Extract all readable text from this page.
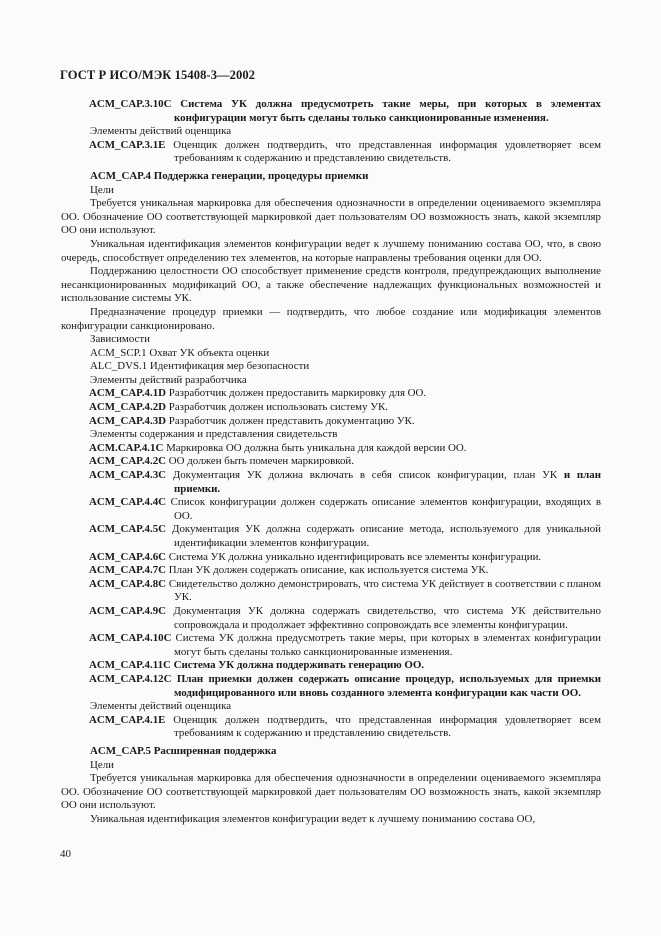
ГОСТ Р ИСО/МЭК 15408-3—2002

ACM_CAP.3.10С Система УК должна предусмотреть такие меры, при которых в элементах конфигурации могут быть сделаны только санкционированные изменения.

Элементы действий оценщика

ACM_CAP.3.1E Оценщик должен подтвердить, что представленная информация удовлетворяет всем требованиям к содержанию и представлению свидетельств.

ACM_CAP.4 Поддержка генерации, процедуры приемки

Цели

Требуется уникальная маркировка для обеспечения однозначности в определении оцениваемого экземпляра ОО. Обозначение ОО соответствующей маркировкой дает пользователям ОО возможность знать, какой экземпляр ОО они используют.

Уникальная идентификация элементов конфигурации ведет к лучшему пониманию состава ОО, что, в свою очередь, способствует определению тех элементов, на которые направлены требования оценки для ОО.

Поддержанию целостности ОО способствует применение средств контроля, предупреждающих выполнение несанкционированных модификаций ОО, а также обеспечение надлежащих функциональных возможностей и использование системы УК.

Предназначение процедур приемки — подтвердить, что любое создание или модификация элементов конфигурации санкционировано.

Зависимости

ACM_SCP.1 Охват УК объекта оценки

ALC_DVS.1 Идентификация мер безопасности

Элементы действий разработчика

ACM_CAP.4.1D Разработчик должен предоставить маркировку для ОО.

ACM_CAP.4.2D Разработчик должен использовать систему УК.

ACM_CAP.4.3D Разработчик должен представить документацию УК.

Элементы содержания и представления свидетельств

ACM.CAP.4.1C Маркировка ОО должна быть уникальна для каждой версии ОО.

ACM_CAP.4.2C ОО должен быть помечен маркировкой.

ACM_CAP.4.3C Документация УК должна включать в себя список конфигурации, план УК и план приемки.

ACM_CAP.4.4C Список конфигурации должен содержать описание элементов конфигурации, входящих в ОО.

ACM_CAP.4.5C Документация УК должна содержать описание метода, используемого для уникальной идентификации элементов конфигурации.

ACM_CAP.4.6C Система УК должна уникально идентифицировать все элементы конфигурации.

ACM_CAP.4.7C План УК должен содержать описание, как используется система УК.

ACM_CAP.4.8C Свидетельство должно демонстрировать, что система УК действует в соответствии с планом УК.

ACM_CAP.4.9C Документация УК должна содержать свидетельство, что система УК действительно сопровождала и продолжает эффективно сопровождать все элементы конфигурации.

ACM_CAP.4.10С Система УК должна предусмотреть такие меры, при которых в элементах конфигурации могут быть сделаны только санкционированные изменения.

ACM_CAP.4.11С Система УК должна поддерживать генерацию ОО.

ACM_CAP.4.12С План приемки должен содержать описание процедур, используемых для приемки модифицированного или вновь созданного элемента конфигурации как части ОО.

Элементы действий оценщика

ACM_CAP.4.1E Оценщик должен подтвердить, что представленная информация удовлетворяет всем требованиям к содержанию и представлению свидетельств.

ACM_CAP.5 Расширенная поддержка

Цели

Требуется уникальная маркировка для обеспечения однозначности в определении оцениваемого экземпляра ОО. Обозначение ОО соответствующей маркировкой дает пользователям ОО возможность знать, какой экземпляр ОО они используют.

Уникальная идентификация элементов конфигурации ведет к лучшему пониманию состава ОО,

40
